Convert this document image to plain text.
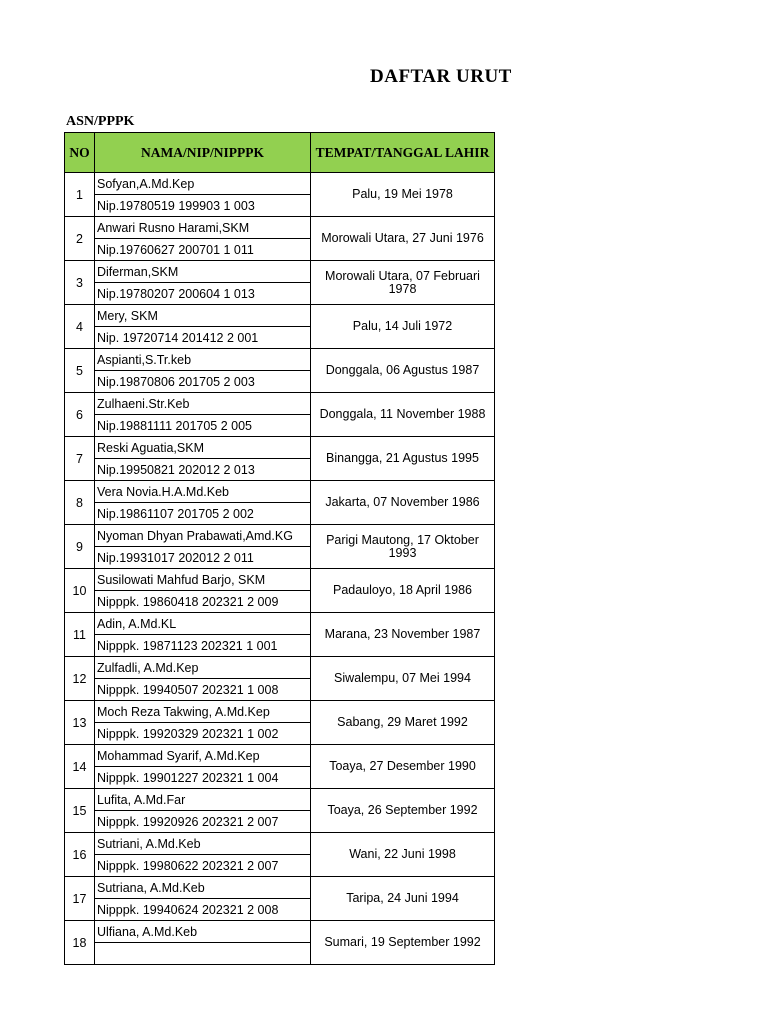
DAFTAR URUT
ASN/PPPK
NO	NAMA/NIP/NIPPPK	TEMPAT/TANGGAL LAHIR
1	Sofyan,A.Md.Kep	Palu, 19 Mei 1978
	Nip.19780519 199903 1 003	
2	Anwari Rusno Harami,SKM	Morowali Utara, 27 Juni 1976
	Nip.19760627 200701 1 011	
3	Diferman,SKM	Morowali Utara, 07 Februari 1978
	Nip.19780207 200604 1 013	
4	Mery, SKM	Palu, 14 Juli 1972
	Nip. 19720714 201412 2 001	
5	Aspianti,S.Tr.keb	Donggala, 06 Agustus 1987
	Nip.19870806 201705 2 003	
6	Zulhaeni.Str.Keb	Donggala, 11 November 1988
	Nip.19881111 201705 2 005	
7	Reski Aguatia,SKM	Binangga, 21 Agustus 1995
	Nip.19950821 202012 2 013	
8	Vera Novia.H.A.Md.Keb	Jakarta, 07 November 1986
	Nip.19861107 201705 2 002	
9	Nyoman Dhyan Prabawati,Amd.KG	Parigi Mautong, 17 Oktober 1993
	Nip.19931017 202012 2 011	
10	Susilowati Mahfud Barjo, SKM	Padauloyo, 18 April 1986
	Nipppk. 19860418 202321 2 009	
11	Adin, A.Md.KL	Marana, 23 November 1987
	Nipppk. 19871123 202321 1 001	
12	Zulfadli, A.Md.Kep	Siwalempu, 07 Mei 1994
	Nipppk. 19940507 202321 1 008	
13	Moch Reza Takwing, A.Md.Kep	Sabang, 29 Maret 1992
	Nipppk. 19920329 202321 1 002	
14	Mohammad Syarif, A.Md.Kep	Toaya, 27 Desember 1990
	Nipppk. 19901227 202321 1 004	
15	Lufita, A.Md.Far	Toaya, 26 September 1992
	Nipppk. 19920926 202321 2 007	
16	Sutriani, A.Md.Keb	Wani, 22 Juni 1998
	Nipppk. 19980622 202321 2 007	
17	Sutriana, A.Md.Keb	Taripa, 24 Juni 1994
	Nipppk. 19940624 202321 2 008	
18	Ulfiana, A.Md.Keb	Sumari, 19 September 1992
